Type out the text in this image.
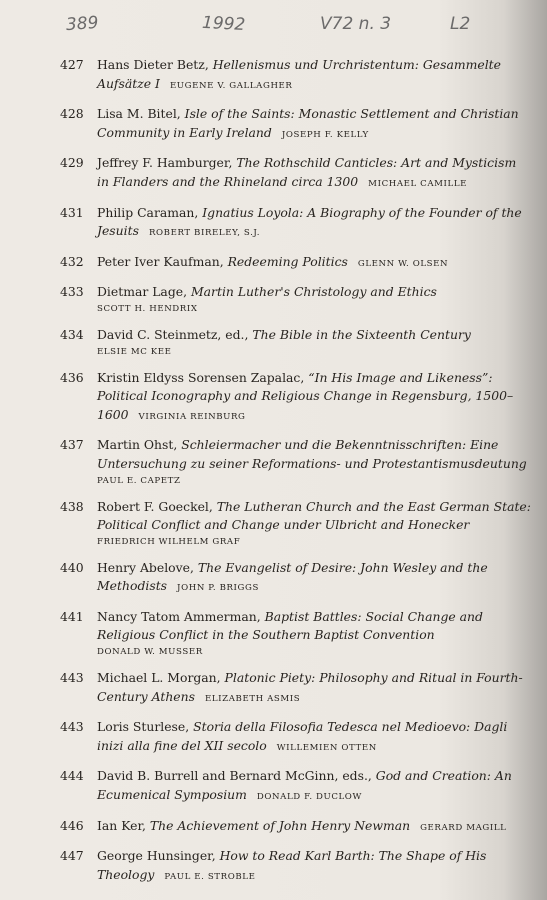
389	1992	V72 n. 3	L2
427 Hans Dieter Betz, Hellenismus und Urchristentum: Gesammelte Aufsätze I EUGENE V. GALLAGHER
428 Lisa M. Bitel, Isle of the Saints: Monastic Settlement and Christian Community in Early Ireland JOSEPH F. KELLY
429 Jeffrey F. Hamburger, The Rothschild Canticles: Art and Mysticism in Flanders and the Rhineland circa 1300 MICHAEL CAMILLE
431 Philip Caraman, Ignatius Loyola: A Biography of the Founder of the Jesuits ROBERT BIRELEY, S.J.
432 Peter Iver Kaufman, Redeeming Politics GLENN W. OLSEN
433 Dietmar Lage, Martin Luther's Christology and Ethics
SCOTT H. HENDRIX
434 David C. Steinmetz, ed., The Bible in the Sixteenth Century
ELSIE MC KEE
436 Kristin Eldyss Sorensen Zapalac, “In His Image and Likeness”: Political Iconography and Religious Change in Regensburg, 1500–1600 VIRGINIA REINBURG
437 Martin Ohst, Schleiermacher und die Bekenntnisschriften: Eine Untersuchung zu seiner Reformations- und Protestantismusdeutung
PAUL E. CAPETZ
438 Robert F. Goeckel, The Lutheran Church and the East German State: Political Conflict and Change under Ulbricht and Honecker
FRIEDRICH WILHELM GRAF
440 Henry Abelove, The Evangelist of Desire: John Wesley and the Methodists JOHN P. BRIGGS
441 Nancy Tatom Ammerman, Baptist Battles: Social Change and Religious Conflict in the Southern Baptist Convention
DONALD W. MUSSER
443 Michael L. Morgan, Platonic Piety: Philosophy and Ritual in Fourth-Century Athens ELIZABETH ASMIS
443 Loris Sturlese, Storia della Filosofia Tedesca nel Medioevo: Dagli inizi alla fine del XII secolo WILLEMIEN OTTEN
444 David B. Burrell and Bernard McGinn, eds., God and Creation: An Ecumenical Symposium DONALD F. DUCLOW
446 Ian Ker, The Achievement of John Henry Newman GERARD MAGILL
447 George Hunsinger, How to Read Karl Barth: The Shape of His Theology PAUL E. STROBLE
